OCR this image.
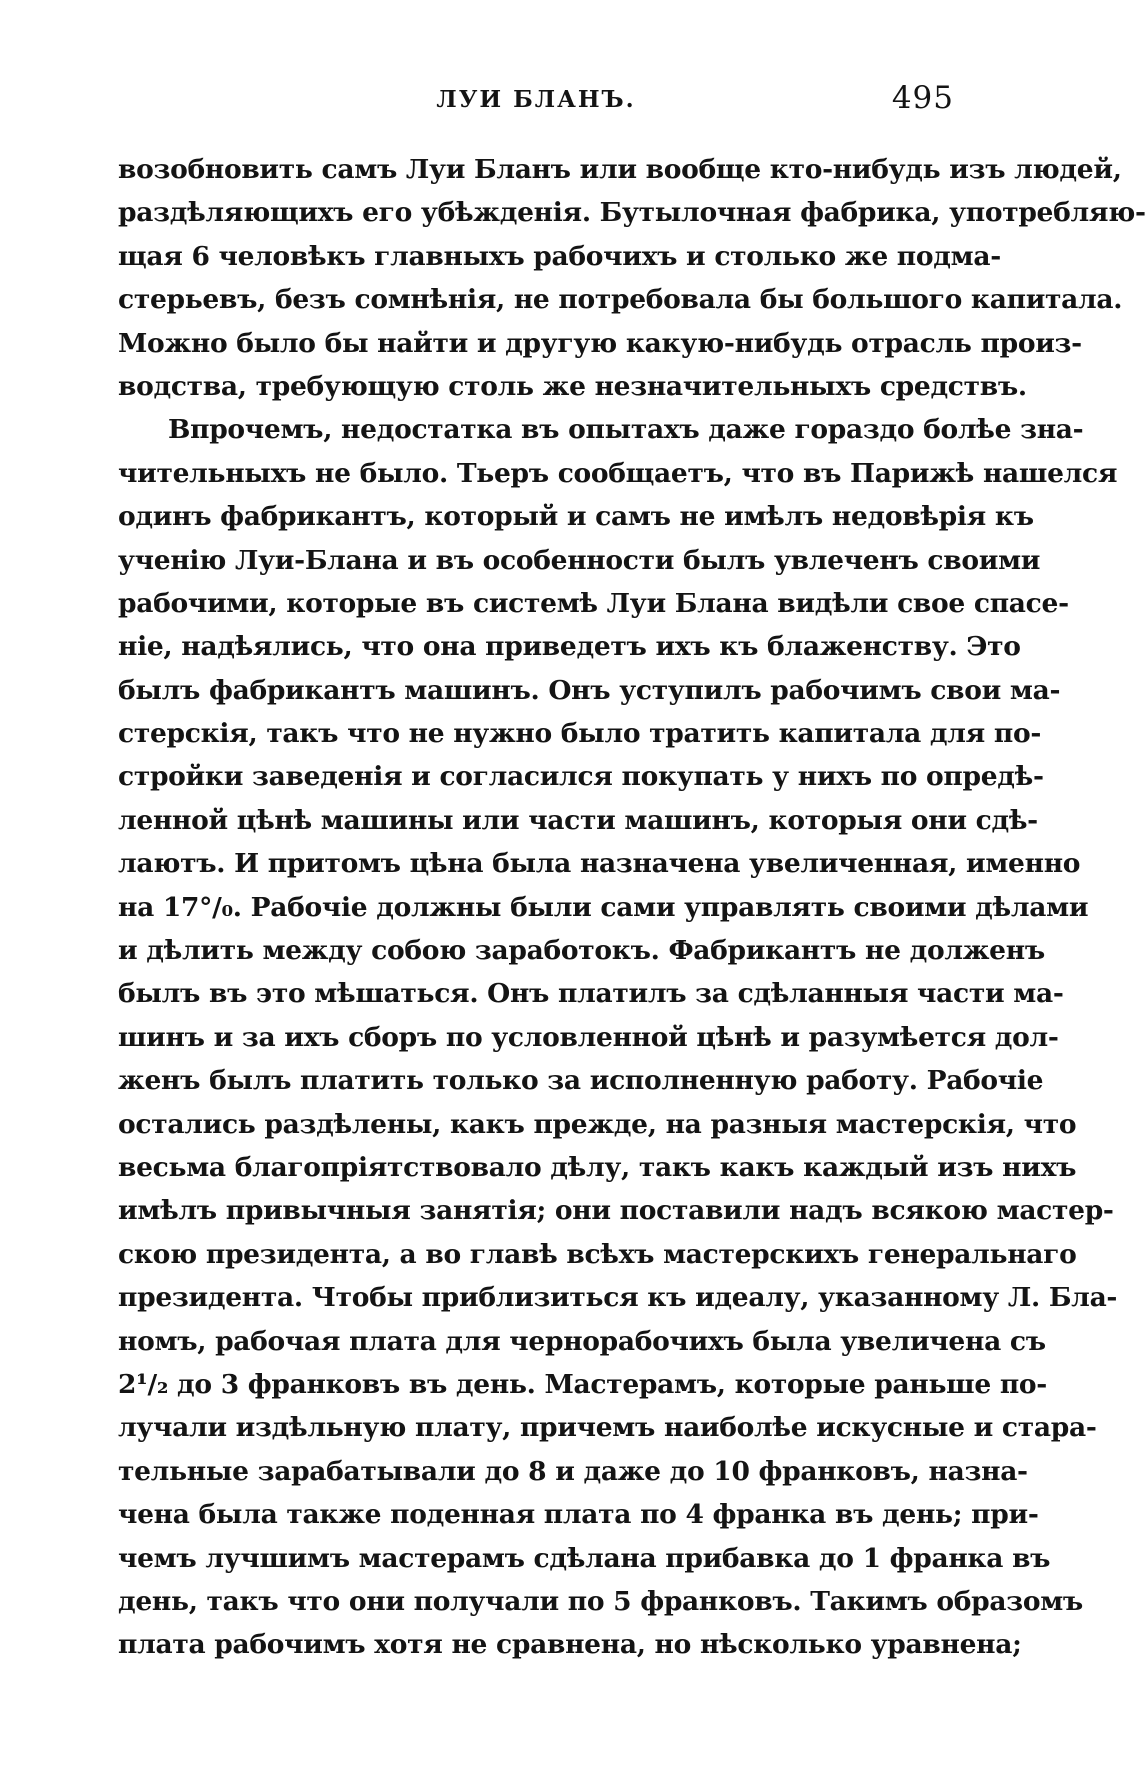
ЛУИ БЛАНЪ.	495
возобновить самъ Луи Бланъ или вообще кто-нибудь изъ людей,
раздѣляющихъ его убѣжденія. Бутылочная фабрика, употребляю-
щая 6 человѣкъ главныхъ рабочихъ и столько же подма-
стерьевъ, безъ сомнѣнія, не потребовала бы большого капитала.
Можно было бы найти и другую какую-нибудь отрасль произ-
водства, требующую столь же незначительныхъ средствъ.
Впрочемъ, недостатка въ опытахъ даже гораздо болѣе зна-
чительныхъ не было. Тьеръ сообщаетъ, что въ Парижѣ нашелся
одинъ фабрикантъ, который и самъ не имѣлъ недовѣрія къ
ученію Луи-Блана и въ особенности былъ увлеченъ своими
рабочими, которые въ системѣ Луи Блана видѣли свое спасе-
ніе, надѣялись, что она приведетъ ихъ къ блаженству. Это
былъ фабрикантъ машинъ. Онъ уступилъ рабочимъ свои ма-
стерскія, такъ что не нужно было тратить капитала для по-
стройки заведенія и согласился покупать у нихъ по опредѣ-
ленной цѣнѣ машины или части машинъ, которыя они сдѣ-
лаютъ. И притомъ цѣна была назначена увеличенная, именно
на 17°/₀. Рабочіе должны были сами управлять своими дѣлами
и дѣлить между собою заработокъ. Фабрикантъ не долженъ
былъ въ это мѣшаться. Онъ платилъ за сдѣланныя части ма-
шинъ и за ихъ сборъ по условленной цѣнѣ и разумѣется дол-
женъ былъ платить только за исполненную работу. Рабочіе
остались раздѣлены, какъ прежде, на разныя мастерскія, что
весьма благопріятствовало дѣлу, такъ какъ каждый изъ нихъ
имѣлъ привычныя занятія; они поставили надъ всякою мастер-
скою президента, а во главѣ всѣхъ мастерскихъ генеральнаго
президента. Чтобы приблизиться къ идеалу, указанному Л. Бла-
номъ, рабочая плата для чернорабочихъ была увеличена съ
2¹/₂ до 3 франковъ въ день. Мастерамъ, которые раньше по-
лучали издѣльную плату, причемъ наиболѣе искусные и стара-
тельные зарабатывали до 8 и даже до 10 франковъ, назна-
чена была также поденная плата по 4 франка въ день; при-
чемъ лучшимъ мастерамъ сдѣлана прибавка до 1 франка въ
день, такъ что они получали по 5 франковъ. Такимъ образомъ
плата рабочимъ хотя не сравнена, но нѣсколько уравнена;
